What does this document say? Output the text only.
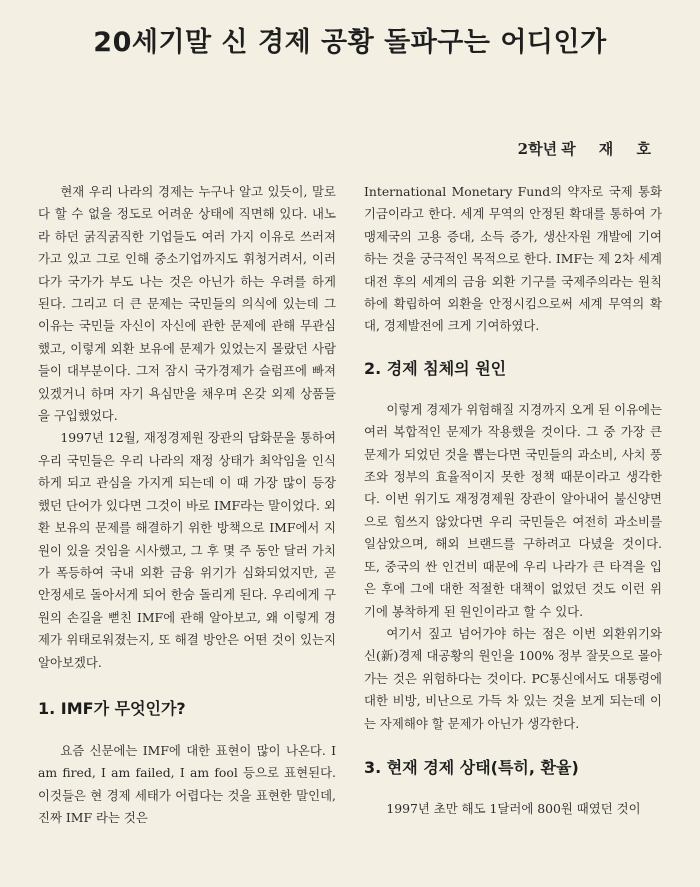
20세기말 신 경제 공황 돌파구는 어디인가
2학년 곽 재 호

현재 우리 나라의 경제는 누구나 알고 있듯이, 말로 다 할 수 없을 정도로 어려운 상태에 직면해 있다. 내노라 하던 굵직굵직한 기업들도 여러 가지 이유로 쓰러져 가고 있고 그로 인해 중소기업까지도 휘청거려서, 이러다가 국가가 부도 나는 것은 아닌가 하는 우려를 하게 된다. 그리고 더 큰 문제는 국민들의 의식에 있는데 그 이유는 국민들 자신이 자신에 관한 문제에 관해 무관심했고, 이렇게 외환 보유에 문제가 있었는지 몰랐던 사람들이 대부분이다. 그저 잠시 국가경제가 슬럼프에 빠져 있겠거니 하며 자기 욕심만을 채우며 온갖 외제 상품들을 구입했었다.

1997년 12월, 재정경제원 장관의 담화문을 통하여 우리 국민들은 우리 나라의 재정 상태가 최악임을 인식하게 되고 관심을 가지게 되는데 이 때 가장 많이 등장했던 단어가 있다면 그것이 바로 IMF라는 말이었다. 외환 보유의 문제를 해결하기 위한 방책으로 IMF에서 지원이 있을 것임을 시사했고, 그 후 몇 주 동안 달러 가치가 폭등하여 국내 외환 금융 위기가 심화되었지만, 곧 안정세로 돌아서게 되어 한숨 돌리게 된다. 우리에게 구원의 손길을 뻗친 IMF에 관해 알아보고, 왜 이렇게 경제가 위태로워졌는지, 또 해결 방안은 어떤 것이 있는지 알아보겠다.

1. IMF가 무엇인가?

요즘 신문에는 IMF에 대한 표현이 많이 나온다. I am fired, I am failed, I am fool 등으로 표현된다. 이것들은 현 경제 세태가 어렵다는 것을 표현한 말인데, 진짜 IMF 라는 것은

International Monetary Fund의 약자로 국제 통화기금이라고 한다. 세계 무역의 안정된 확대를 통하여 가맹제국의 고용 증대, 소득 증가, 생산자원 개발에 기여하는 것을 궁극적인 목적으로 한다. IMF는 제 2차 세계대전 후의 세계의 금융 외환 기구를 국제주의라는 원칙 하에 확립하여 외환을 안정시킴으로써 세계 무역의 확대, 경제발전에 크게 기여하였다.

2. 경제 침체의 원인

이렇게 경제가 위험해질 지경까지 오게 된 이유에는 여러 복합적인 문제가 작용했을 것이다. 그 중 가장 큰 문제가 되었던 것을 뽑는다면 국민들의 과소비, 사치 풍조와 정부의 효율적이지 못한 정책 때문이라고 생각한다. 이번 위기도 재정경제원 장관이 알아내어 불신양면으로 힘쓰지 않았다면 우리 국민들은 여전히 과소비를 일삼았으며, 해외 브랜드를 구하려고 다녔을 것이다. 또, 중국의 싼 인건비 때문에 우리 나라가 큰 타격을 입은 후에 그에 대한 적절한 대책이 없었던 것도 이런 위기에 봉착하게 된 원인이라고 할 수 있다.

여기서 짚고 넘어가야 하는 점은 이번 외환위기와 신(新)경제 대공황의 원인을 100% 정부 잘못으로 몰아가는 것은 위험하다는 것이다. PC통신에서도 대통령에 대한 비방, 비난으로 가득 차 있는 것을 보게 되는데 이는 자제해야 할 문제가 아닌가 생각한다.

3. 현재 경제 상태(특히, 환율)

1997년 초만 해도 1달러에 800원 때였던 것이
